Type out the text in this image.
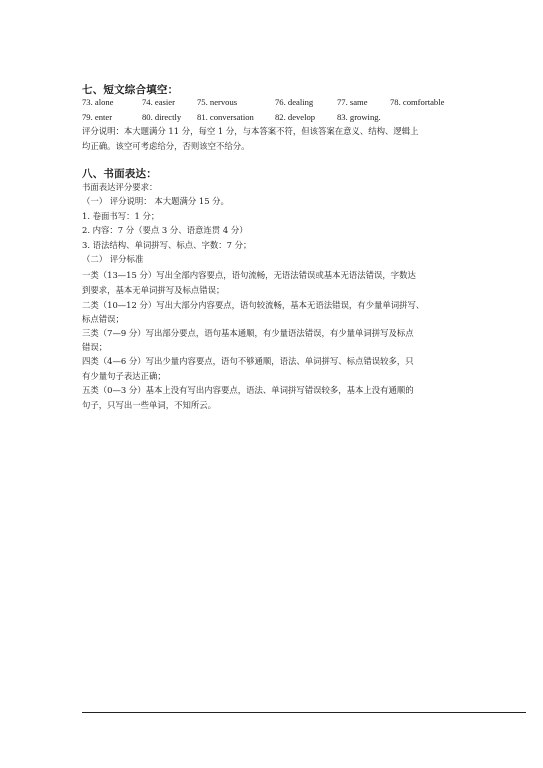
七、短文综合填空：
73. alone	74. easier	75. nervous	76. dealing	77. same	78. comfortable
79. enter	80. directly 81. conversation 82. develop	83. growing.
评分说明：本大题满分 11 分，每空 1 分，与本答案不符，但该答案在意义、结构、逻辑上
均正确。该空可考虑给分，否则该空不给分。
八、书面表达：
书面表达评分要求：
（一） 评分说明： 本大题满分 15 分。
1. 卷面书写：1 分；
2. 内容：7 分（要点 3 分、语意连贯 4 分）
3. 语法结构、单词拼写、标点、字数：7 分；
（二） 评分标准
一类（13—15 分）写出全部内容要点，语句流畅，无语法错误或基本无语法错误，字数达
到要求，基本无单词拼写及标点错误；
二类（10—12 分）写出大部分内容要点，语句较流畅，基本无语法错误，有少量单词拼写、
标点错误；
三类（7—9 分）写出部分要点，语句基本通顺，有少量语法错误，有少量单词拼写及标点
错误；
四类（4—6 分）写出少量内容要点，语句不够通顺，语法、单词拼写、标点错误较多，只
有少量句子表达正确；
五类（0—3 分）基本上没有写出内容要点，语法、单词拼写错误较多，基本上没有通顺的
句子，只写出一些单词，不知所云。
